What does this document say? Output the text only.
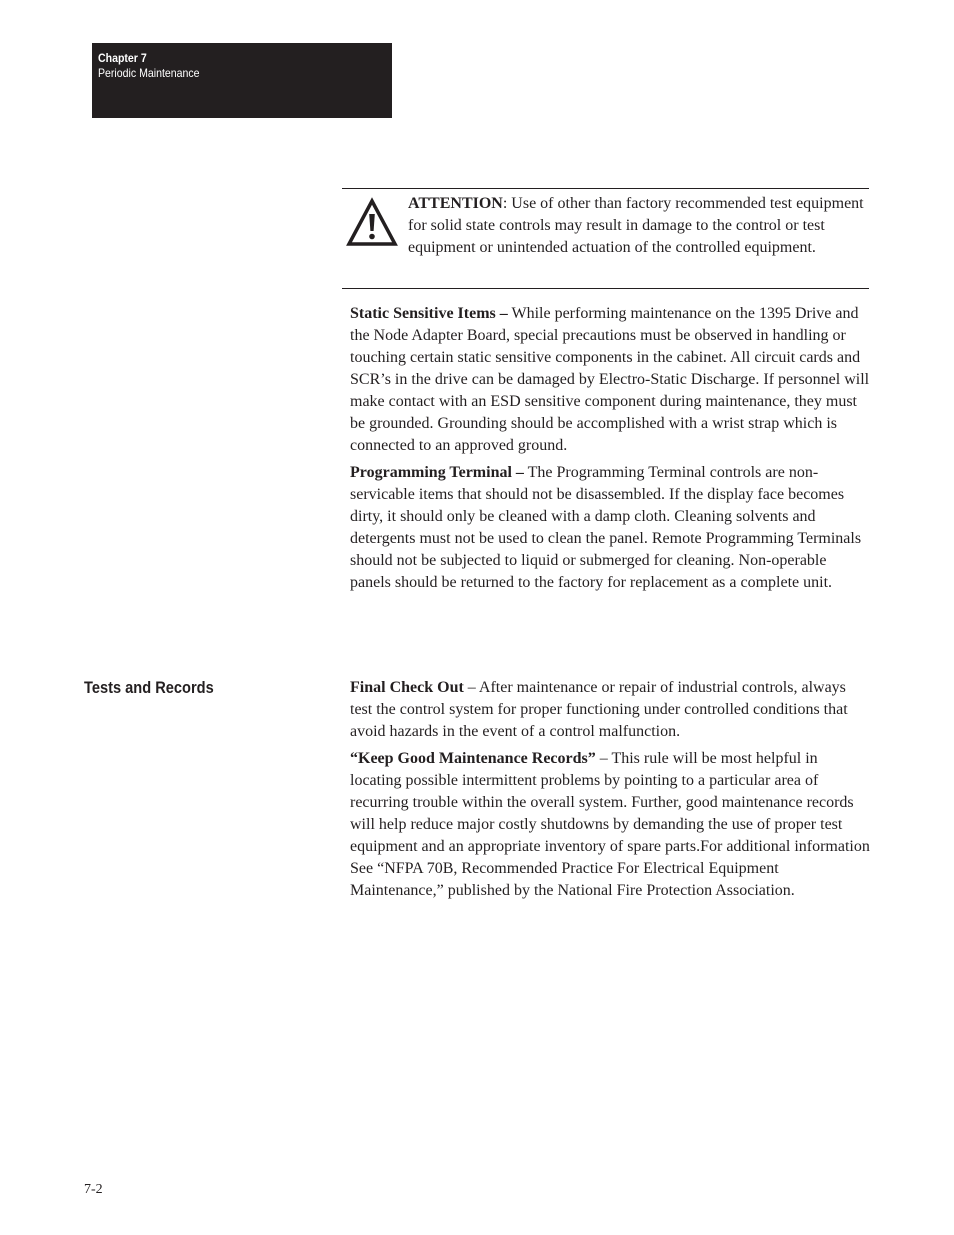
Chapter 7
Periodic Maintenance
ATTENTION: Use of other than factory recommended test equipment for solid state controls may result in damage to the control or test equipment or unintended actuation of the controlled equipment.

Static Sensitive Items – While performing maintenance on the 1395 Drive and the Node Adapter Board, special precautions must be observed in handling or touching certain static sensitive components in the cabinet. All circuit cards and SCR’s in the drive can be damaged by Electro-Static Discharge. If personnel will make contact with an ESD sensitive component during maintenance, they must be grounded. Grounding should be accomplished with a wrist strap which is connected to an approved ground.

Programming Terminal – The Programming Terminal controls are non-servicable items that should not be disassembled. If the display face becomes dirty, it should only be cleaned with a damp cloth. Cleaning solvents and detergents must not be used to clean the panel. Remote Programming Terminals should not be subjected to liquid or submerged for cleaning. Non-operable panels should be returned to the factory for replacement as a complete unit.

Tests and Records	Final Check Out – After maintenance or repair of industrial controls, always test the control system for proper functioning under controlled conditions that avoid hazards in the event of a control malfunction.

“Keep Good Maintenance Records” – This rule will be most helpful in locating possible intermittent problems by pointing to a particular area of recurring trouble within the overall system. Further, good maintenance records will help reduce major costly shutdowns by demanding the use of proper test equipment and an appropriate inventory of spare parts.For additional information See “NFPA 70B, Recommended Practice For Electrical Equipment Maintenance,” published by the National Fire Protection Association.

7-2
